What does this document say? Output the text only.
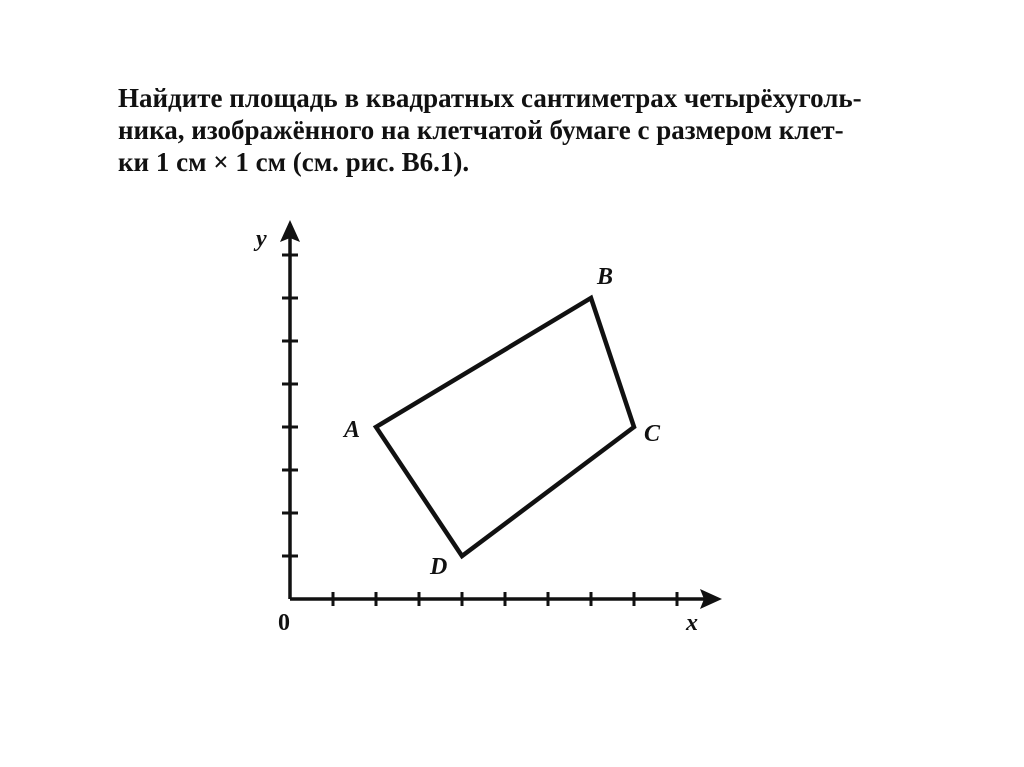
Найдите площадь в квадратных сантиметрах четырёхуголь-

ника, изображённого на клетчатой бумаге с размером клет-

ки 1 см × 1 см (см. рис. В6.1).

A
B
C
D
0	x
y
